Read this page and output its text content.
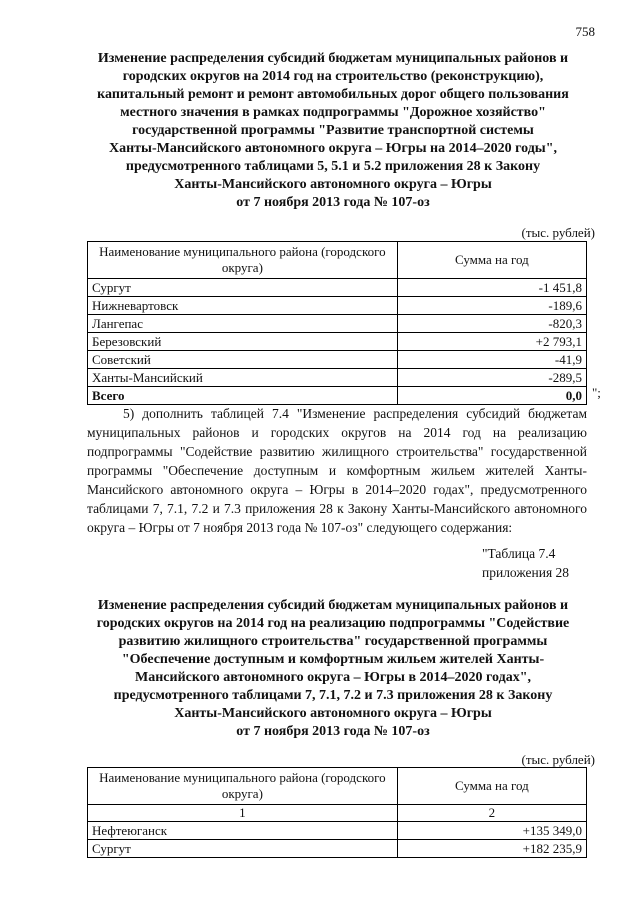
758
Изменение распределения субсидий бюджетам муниципальных районов и
городских округов на 2014 год на строительство (реконструкцию),
капитальный ремонт и ремонт автомобильных дорог общего пользования
местного значения в рамках подпрограммы "Дорожное хозяйство"
государственной программы "Развитие транспортной системы
Ханты-Мансийского автономного округа – Югры на 2014–2020 годы",
предусмотренного таблицами 5, 5.1 и 5.2 приложения 28 к Закону
Ханты-Мансийского автономного округа – Югры
от 7 ноября 2013 года № 107-оз
(тыс. рублей)
Наименование муниципального района (городского округа)	Сумма на год
Сургут	-1 451,8
Нижневартовск	-189,6
Лангепас	-820,3
Березовский	+2 793,1
Советский	-41,9
Ханты-Мансийский	-289,5
Всего	0,0 ";
5) дополнить таблицей 7.4 "Изменение распределения субсидий бюджетам муниципальных районов и городских округов на 2014 год на реализацию подпрограммы "Содействие развитию жилищного строительства" государственной программы "Обеспечение доступным и комфортным жильем жителей Ханты-Мансийского автономного округа – Югры в 2014–2020 годах", предусмотренного таблицами 7, 7.1, 7.2 и 7.3 приложения 28 к Закону Ханты-Мансийского автономного округа – Югры от 7 ноября 2013 года № 107-оз" следующего содержания:
"Таблица 7.4
приложения 28
Изменение распределения субсидий бюджетам муниципальных районов и
городских округов на 2014 год на реализацию подпрограммы "Содействие
развитию жилищного строительства" государственной программы
"Обеспечение доступным и комфортным жильем жителей Ханты-
Мансийского автономного округа – Югры в 2014–2020 годах",
предусмотренного таблицами 7, 7.1, 7.2 и 7.3 приложения 28 к Закону
Ханты-Мансийского автономного округа – Югры
от 7 ноября 2013 года № 107-оз
(тыс. рублей)
Наименование муниципального района (городского округа)	Сумма на год
1	2
Нефтеюганск	+135 349,0
Сургут	+182 235,9
